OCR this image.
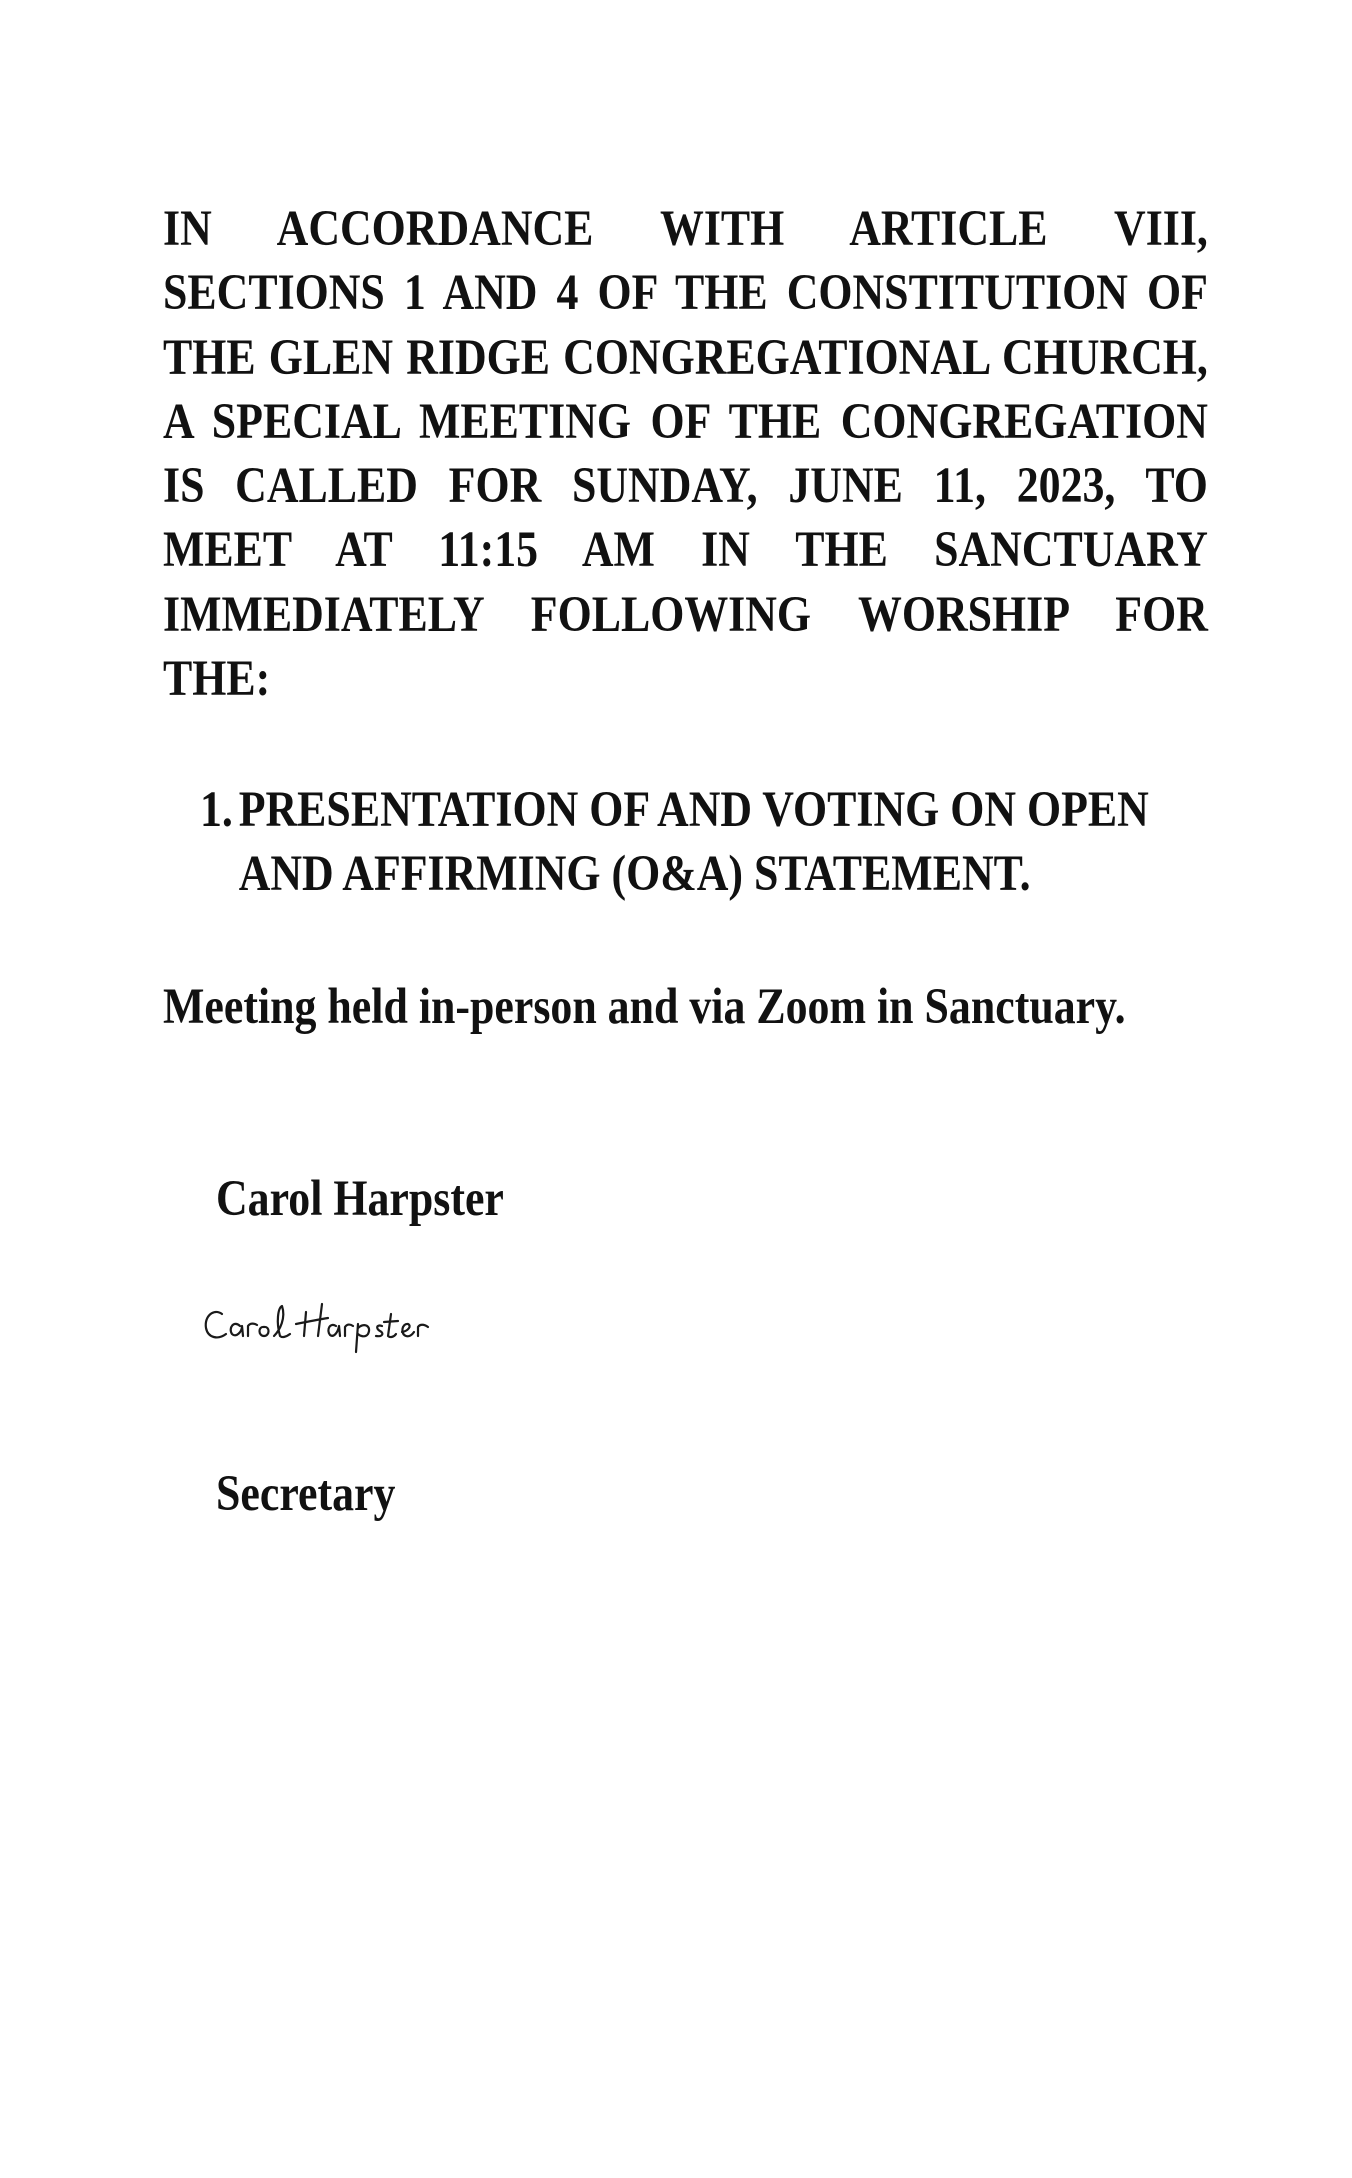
IN ACCORDANCE WITH ARTICLE VIII, SECTIONS 1 AND 4 OF THE CONSTITUTION OF THE GLEN RIDGE CONGREGATIONAL CHURCH, A SPECIAL MEETING OF THE CONGREGATION IS CALLED FOR SUNDAY, JUNE 11, 2023, TO MEET AT 11:15 AM IN THE SANCTUARY IMMEDIATELY FOLLOWING WORSHIP FOR THE:

1. PRESENTATION OF AND VOTING ON OPEN AND AFFIRMING (O&A) STATEMENT.

Meeting held in-person and via Zoom in Sanctuary.

Carol Harpster

Secretary
